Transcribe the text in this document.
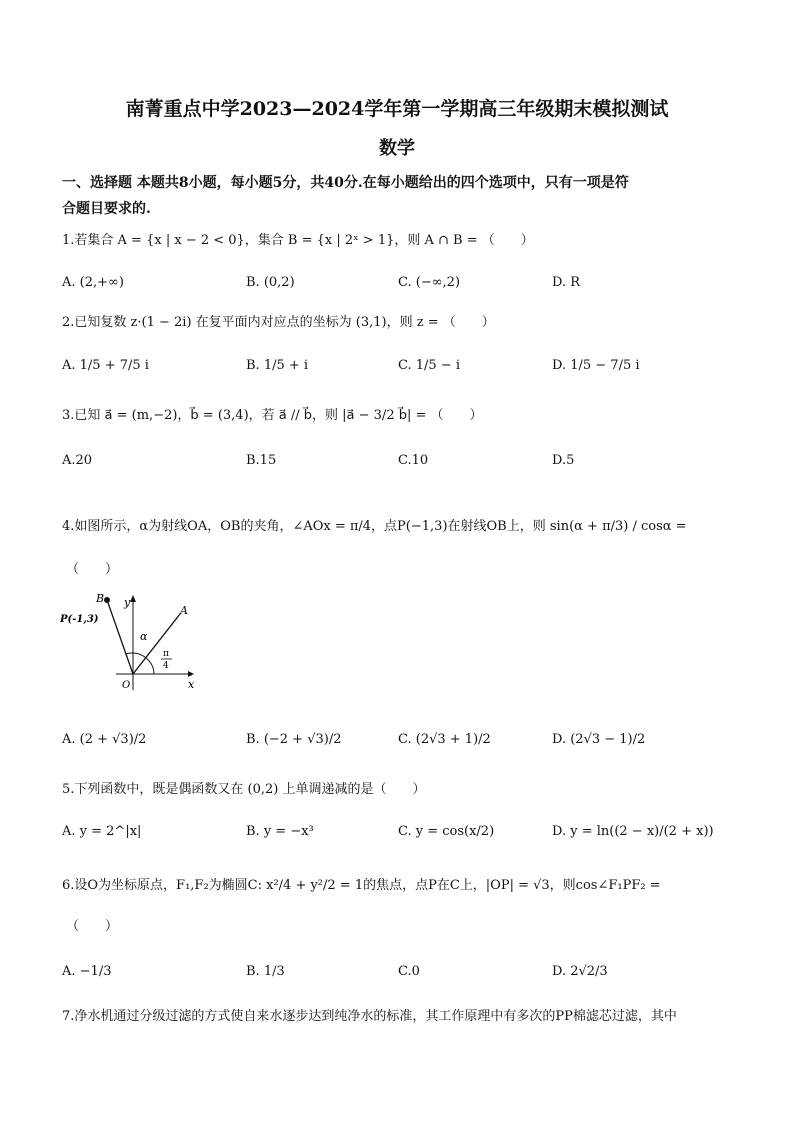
南菁重点中学2023—2024学年第一学期高三年级期末模拟测试
数学
一、选择题 本题共8小题，每小题5分，共40分.在每小题给出的四个选项中，只有一项是符
合题目要求的.
1.若集合 A = {x | x − 2 < 0}，集合 B = {x | 2ˣ > 1}，则 A ∩ B = （　　）
A. (2,+∞)	B. (0,2)	C. (−∞,2)	D. R
2.已知复数 z·(1 − 2i) 在复平面内对应点的坐标为 (3,1)，则 z = （　　）
A. 1/5 + 7/5 i	B. 1/5 + i	C. 1/5 − i	D. 1/5 − 7/5 i
3.已知 a⃗ = (m,−2)，b⃗ = (3,4)，若 a⃗ // b⃗，则 |a⃗ − 3/2 b⃗| = （　　）
A.20	B.15	C.10	D.5
4.如图所示，α为射线OA，OB的夹角，∠AOx = π/4，点P(−1,3)在射线OB上，则 sin(α + π/3) / cosα =
（　　）
B
P(-1,3)
y
A
α
π
4
O	x
A. (2 + √3)/2	B. (−2 + √3)/2	C. (2√3 + 1)/2	D. (2√3 − 1)/2
5.下列函数中，既是偶函数又在 (0,2) 上单调递减的是（　　）
A. y = 2^|x|	B. y = −x³	C. y = cos(x/2)	D. y = ln((2 − x)/(2 + x))
6.设O为坐标原点，F₁,F₂为椭圆C: x²/4 + y²/2 = 1的焦点，点P在C上，|OP| = √3，则cos∠F₁PF₂ =
（　　）
A. −1/3	B. 1/3	C.0	D. 2√2/3
7.净水机通过分级过滤的方式使自来水逐步达到纯净水的标准，其工作原理中有多次的PP棉滤芯过滤，其中
